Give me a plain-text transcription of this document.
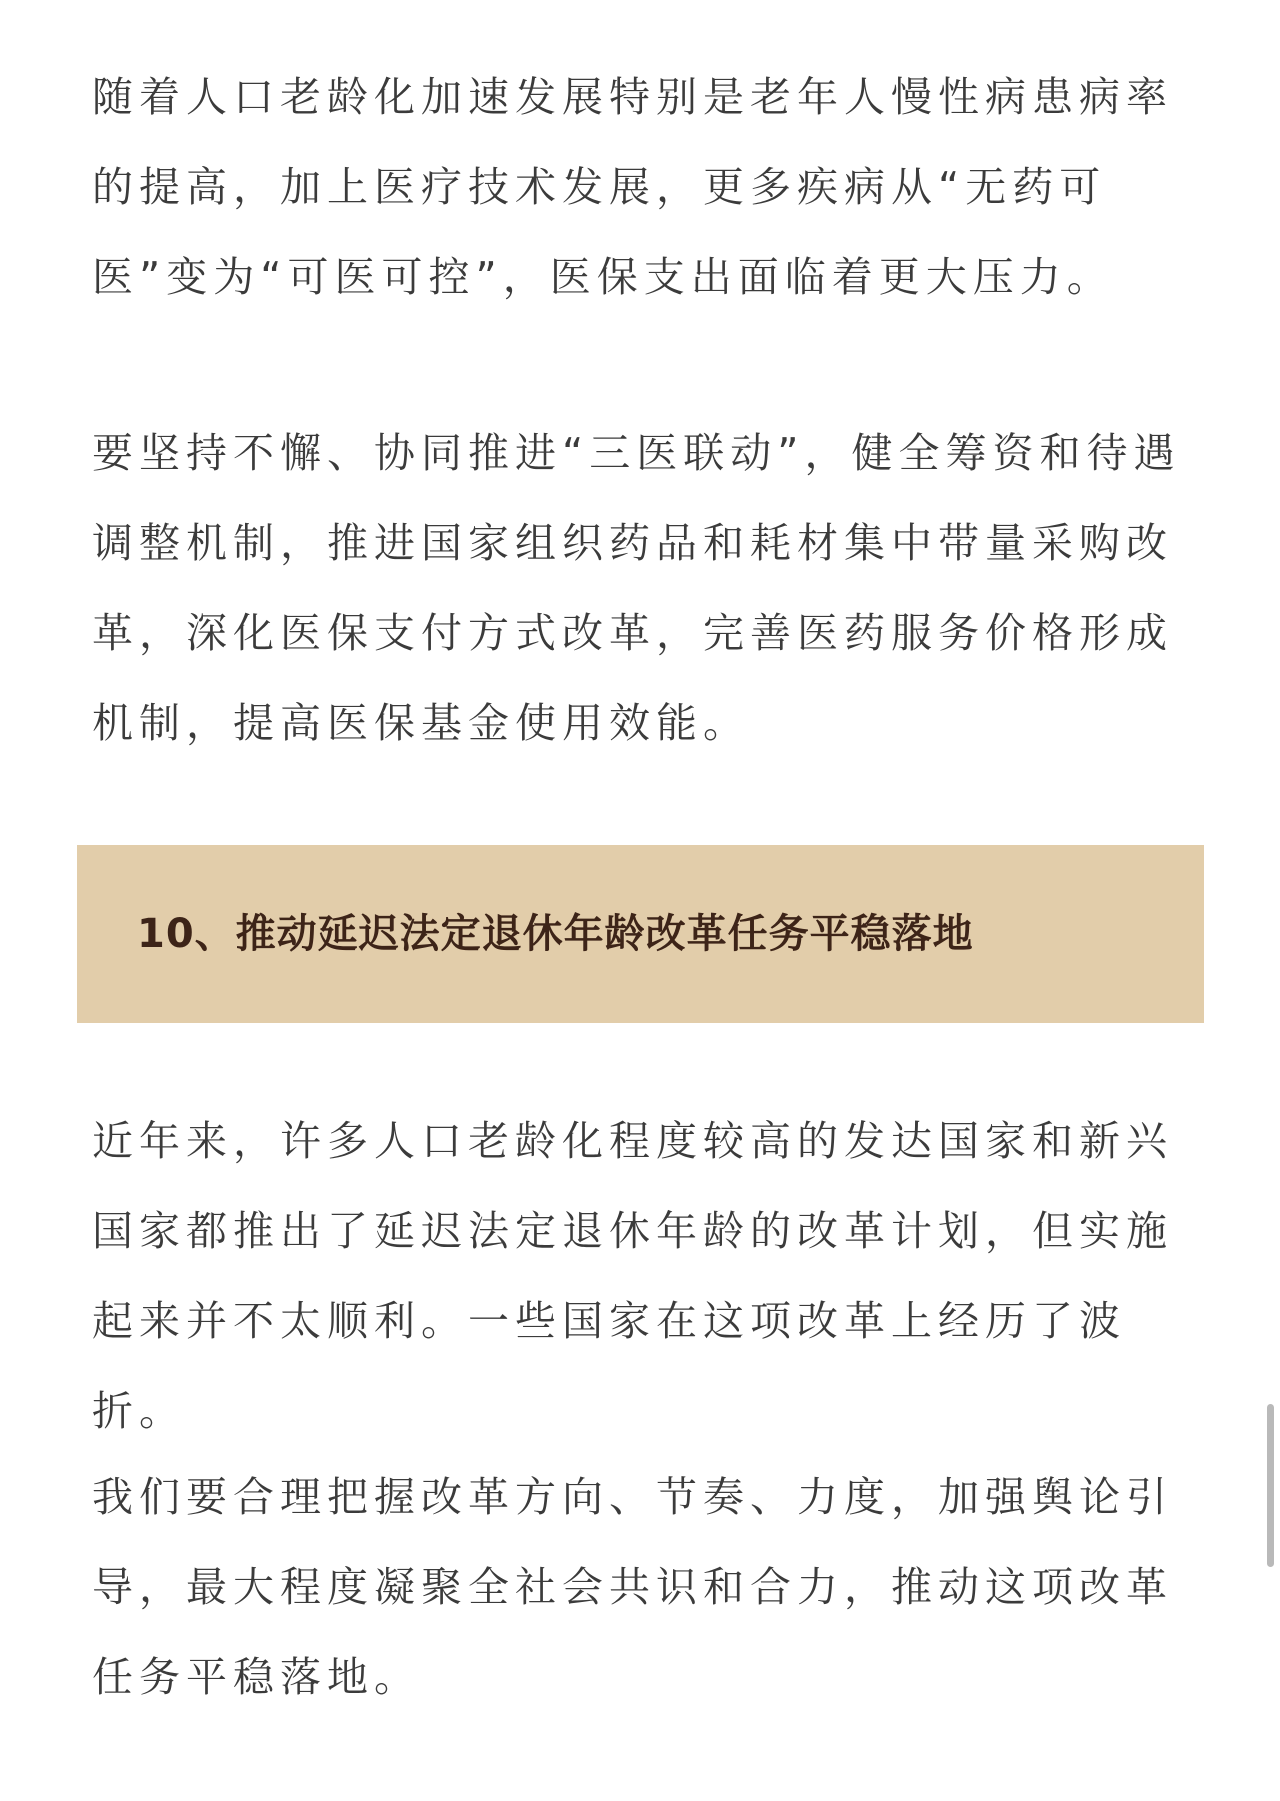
随着人口老龄化加速发展特别是老年人慢性病患病率的提高，加上医疗技术发展，更多疾病从“无药可医”变为“可医可控”，医保支出面临着更大压力。

要坚持不懈、协同推进“三医联动”，健全筹资和待遇调整机制，推进国家组织药品和耗材集中带量采购改革，深化医保支付方式改革，完善医药服务价格形成机制，提高医保基金使用效能。

10、推动延迟法定退休年龄改革任务平稳落地

近年来，许多人口老龄化程度较高的发达国家和新兴国家都推出了延迟法定退休年龄的改革计划，但实施起来并不太顺利。一些国家在这项改革上经历了波折。

我们要合理把握改革方向、节奏、力度，加强舆论引导，最大程度凝聚全社会共识和合力，推动这项改革任务平稳落地。
